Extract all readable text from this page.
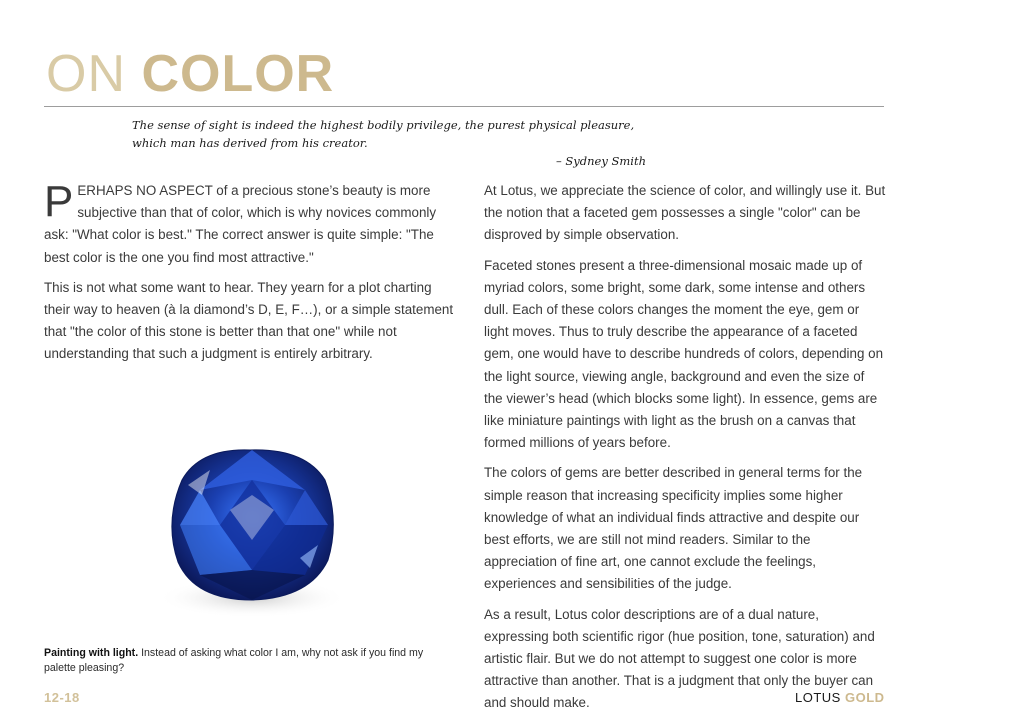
ON COLOR
The sense of sight is indeed the highest bodily privilege, the purest physical pleasure, which man has derived from his creator.
– Sydney Smith

PERHAPS NO ASPECT of a precious stone’s beauty is more subjective than that of color, which is why novices commonly ask: "What color is best." The correct answer is quite simple: "The best color is the one you find most attractive."

This is not what some want to hear. They yearn for a plot charting their way to heaven (à la diamond’s D, E, F…), or a simple statement that "the color of this stone is better than that one" while not understanding that such a judgment is entirely arbitrary.

Painting with light. Instead of asking what color I am, why not ask if you find my palette pleasing?

At Lotus, we appreciate the science of color, and willingly use it. But the notion that a faceted gem possesses a single "color" can be disproved by simple observation.

Faceted stones present a three-dimensional mosaic made up of myriad colors, some bright, some dark, some intense and others dull. Each of these colors changes the moment the eye, gem or light moves. Thus to truly describe the appearance of a faceted gem, one would have to describe hundreds of colors, depending on the light source, viewing angle, background and even the size of the viewer’s head (which blocks some light). In essence, gems are like miniature paintings with light as the brush on a canvas that formed millions of years before.

The colors of gems are better described in general terms for the simple reason that increasing specificity implies some higher knowledge of what an individual finds attractive and despite our best efforts, we are still not mind readers. Similar to the appreciation of fine art, one cannot exclude the feelings, experiences and sensibilities of the judge.

As a result, Lotus color descriptions are of a dual nature, expressing both scientific rigor (hue position, tone, saturation) and artistic flair. But we do not attempt to suggest one color is more attractive than another. That is a judgment that only the buyer can and should make.

12-18	LOTUS GOLD
